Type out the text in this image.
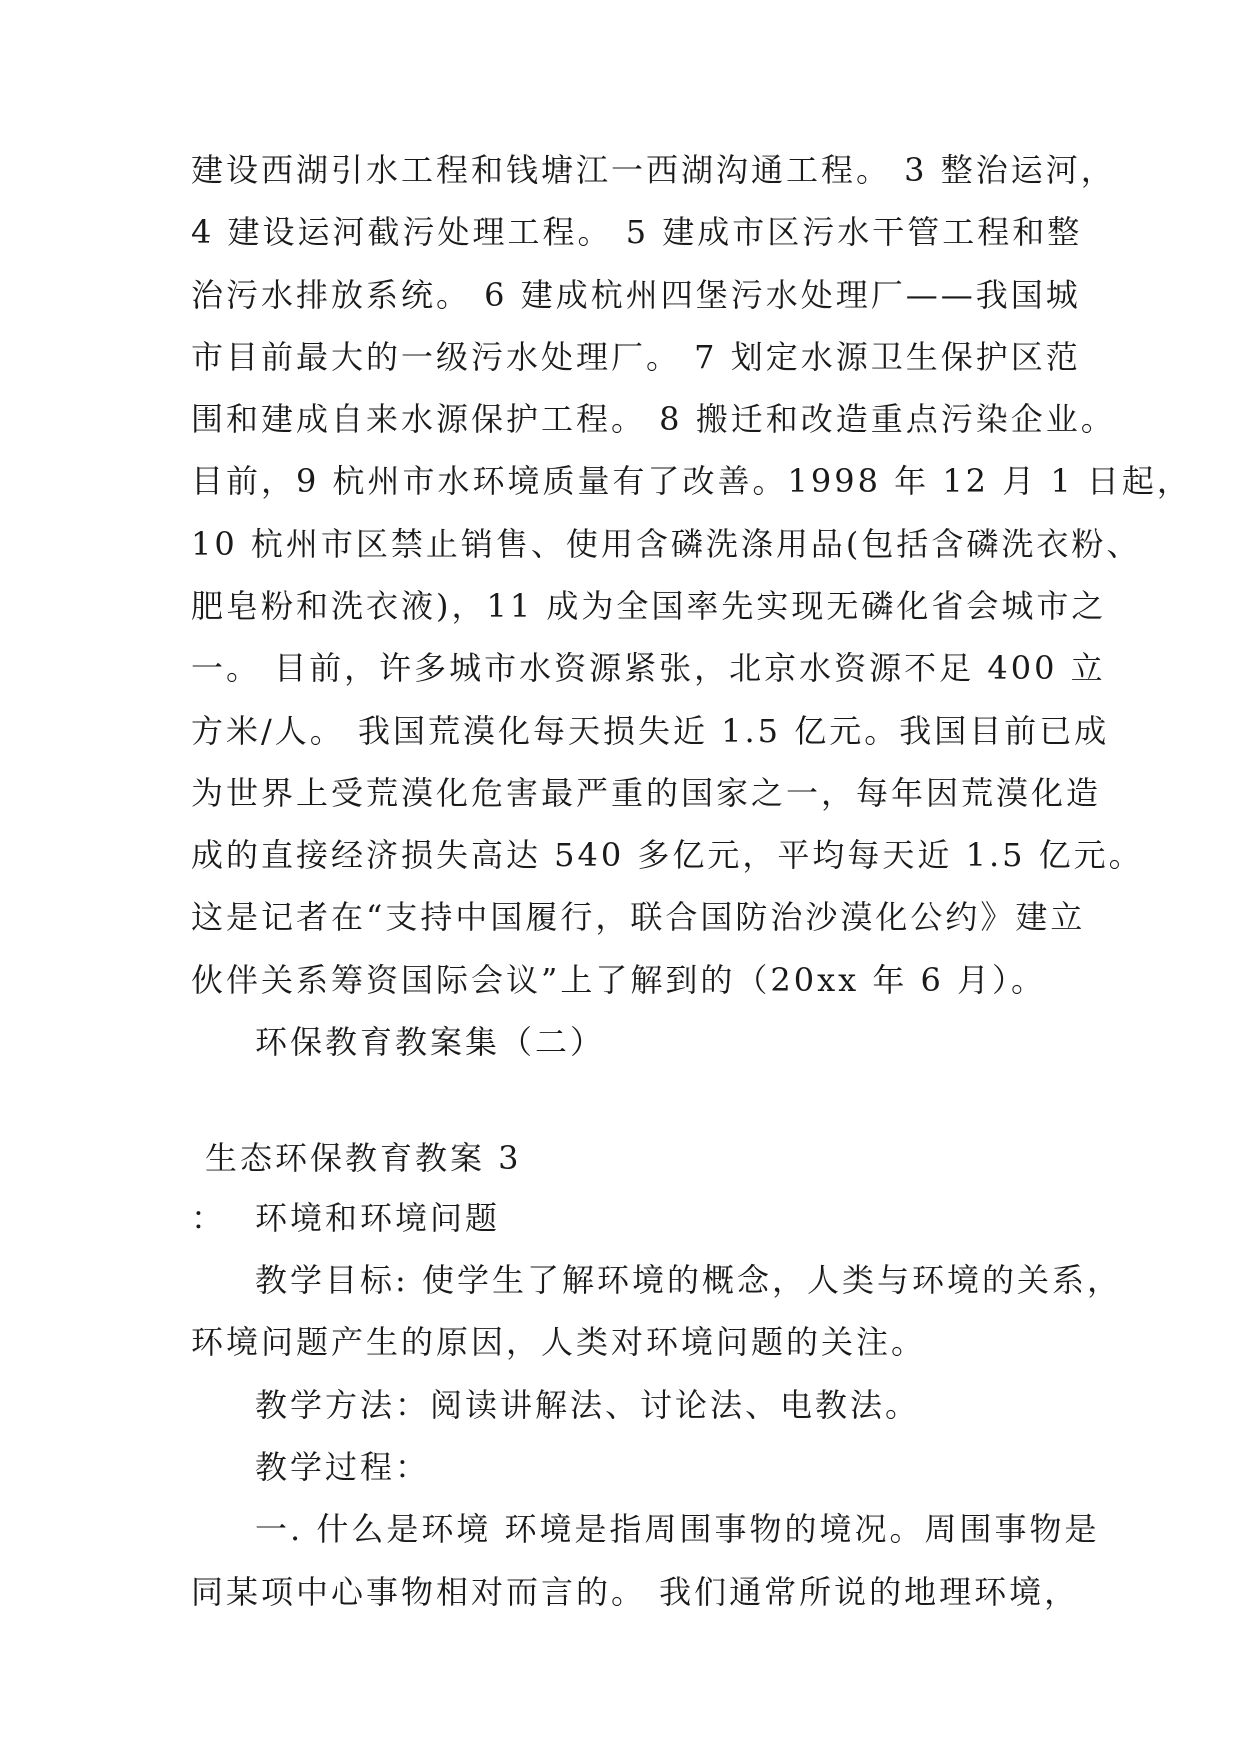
建设西湖引水工程和钱塘江一西湖沟通工程。 3 整治运河，
4 建设运河截污处理工程。 5 建成市区污水干管工程和整
治污水排放系统。 6 建成杭州四堡污水处理厂——我国城
市目前最大的一级污水处理厂。 7 划定水源卫生保护区范
围和建成自来水源保护工程。 8 搬迁和改造重点污染企业。
目前，9 杭州市水环境质量有了改善。1998 年 12 月 1 日起，
10 杭州市区禁止销售、使用含磷洗涤用品(包括含磷洗衣粉、
肥皂粉和洗衣液)，11 成为全国率先实现无磷化省会城市之
一。 目前，许多城市水资源紧张，北京水资源不足 400 立
方米/人。 我国荒漠化每天损失近 1.5 亿元。我国目前已成
为世界上受荒漠化危害最严重的国家之一，每年因荒漠化造
成的直接经济损失高达 540 多亿元，平均每天近 1.5 亿元。
这是记者在“支持中国履行，联合国防治沙漠化公约》建立
伙伴关系筹资国际会议”上了解到的（20xx 年 6 月）。
环保教育教案集（二）
生态环保教育教案 3
： 环境和环境问题
教学目标: 使学生了解环境的概念，人类与环境的关系，
环境问题产生的原因，人类对环境问题的关注。
教学方法：阅读讲解法、讨论法、电教法。
教学过程：
一. 什么是环境 环境是指周围事物的境况。周围事物是
同某项中心事物相对而言的。 我们通常所说的地理环境，
